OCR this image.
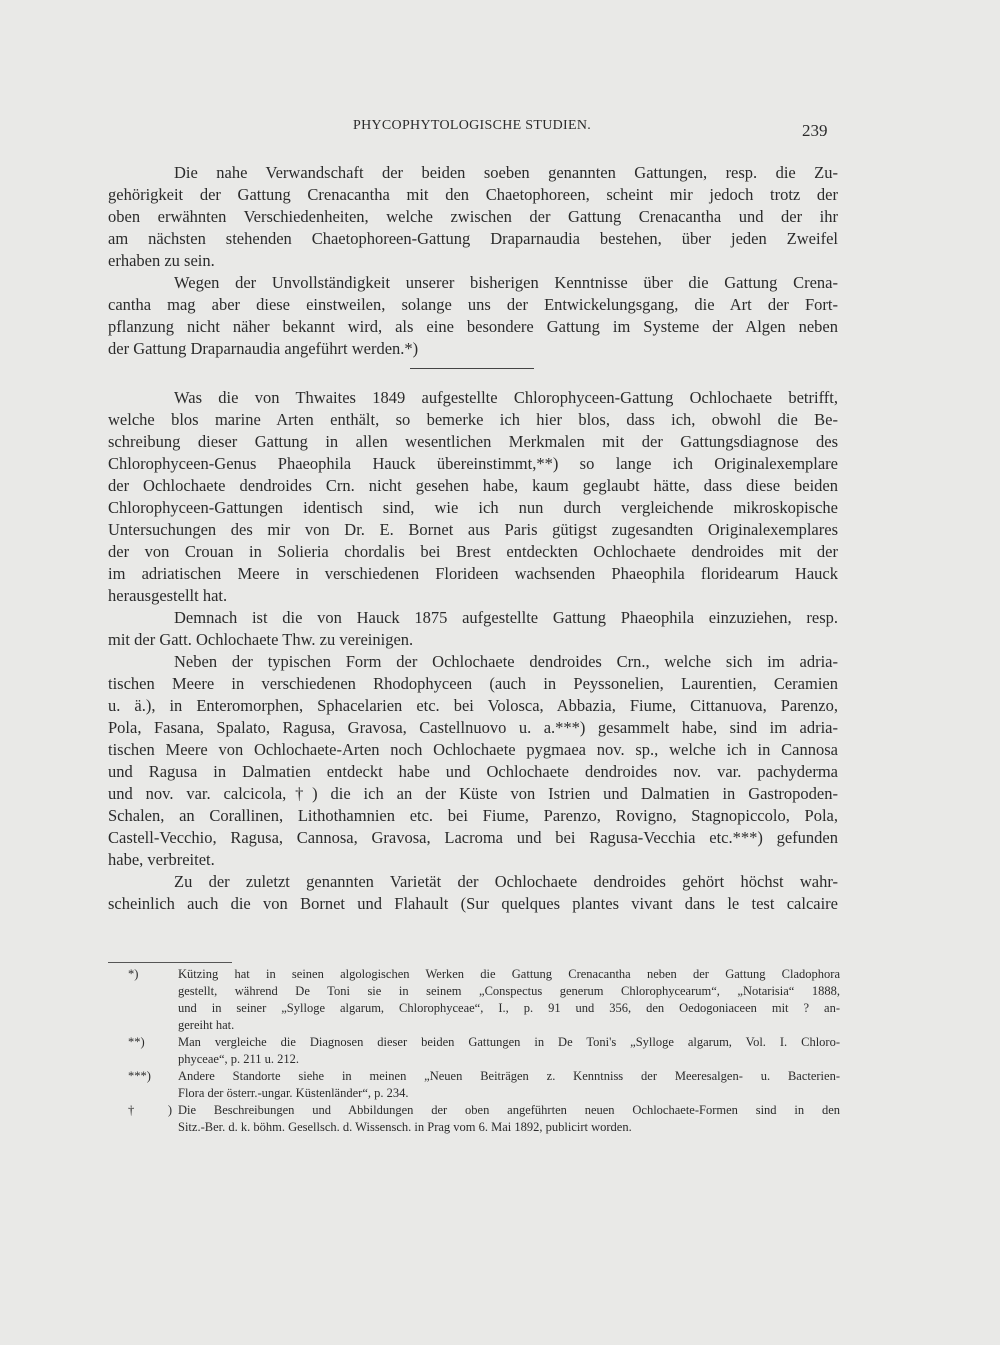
PHYCOPHYTOLOGISCHE STUDIEN.	239
Die nahe Verwandschaft der beiden soeben genannten Gattungen, resp. die Zu-
gehörigkeit der Gattung Crenacantha mit den Chaetophoreen, scheint mir jedoch trotz der
oben erwähnten Verschiedenheiten, welche zwischen der Gattung Crenacantha und der ihr
am nächsten stehenden Chaetophoreen-Gattung Draparnaudia bestehen, über jeden Zweifel
erhaben zu sein.
Wegen der Unvollständigkeit unserer bisherigen Kenntnisse über die Gattung Crena-
cantha mag aber diese einstweilen, solange uns der Entwickelungsgang, die Art der Fort-
pflanzung nicht näher bekannt wird, als eine besondere Gattung im Systeme der Algen neben
der Gattung Draparnaudia angeführt werden.*)
Was die von Thwaites 1849 aufgestellte Chlorophyceen-Gattung Ochlochaete betrifft,
welche blos marine Arten enthält, so bemerke ich hier blos, dass ich, obwohl die Be-
schreibung dieser Gattung in allen wesentlichen Merkmalen mit der Gattungsdiagnose des
Chlorophyceen-Genus Phaeophila Hauck übereinstimmt,**) so lange ich Originalexemplare
der Ochlochaete dendroides Crn. nicht gesehen habe, kaum geglaubt hätte, dass diese beiden
Chlorophyceen-Gattungen identisch sind, wie ich nun durch vergleichende mikroskopische
Untersuchungen des mir von Dr. E. Bornet aus Paris gütigst zugesandten Originalexemplares
der von Crouan in Solieria chordalis bei Brest entdeckten Ochlochaete dendroides mit der
im adriatischen Meere in verschiedenen Florideen wachsenden Phaeophila floridearum Hauck
herausgestellt hat.
Demnach ist die von Hauck 1875 aufgestellte Gattung Phaeophila einzuziehen, resp.
mit der Gatt. Ochlochaete Thw. zu vereinigen.
Neben der typischen Form der Ochlochaete dendroides Crn., welche sich im adria-
tischen Meere in verschiedenen Rhodophyceen (auch in Peyssonelien, Laurentien, Ceramien
u. ä.), in Enteromorphen, Sphacelarien etc. bei Volosca, Abbazia, Fiume, Cittanuova, Parenzo,
Pola, Fasana, Spalato, Ragusa, Gravosa, Castellnuovo u. a.***) gesammelt habe, sind im adria-
tischen Meere von Ochlochaete-Arten noch Ochlochaete pygmaea nov. sp., welche ich in Cannosa
und Ragusa in Dalmatien entdeckt habe und Ochlochaete dendroides nov. var. pachyderma
und nov. var. calcicola,†) die ich an der Küste von Istrien und Dalmatien in Gastropoden-
Schalen, an Corallinen, Lithothamnien etc. bei Fiume, Parenzo, Rovigno, Stagnopiccolo, Pola,
Castell-Vecchio, Ragusa, Cannosa, Gravosa, Lacroma und bei Ragusa-Vecchia etc.***) gefunden
habe, verbreitet.
Zu der zuletzt genannten Varietät der Ochlochaete dendroides gehört höchst wahr-
scheinlich auch die von Bornet und Flahault (Sur quelques plantes vivant dans le test calcaire
*)	Kützing hat in seinen algologischen Werken die Gattung Crenacantha neben der Gattung Cladophora
gestellt, während De Toni sie in seinem „Conspectus generum Chlorophycearum“, „Notarisia“ 1888,
und in seiner „Sylloge algarum, Chlorophyceae“, I., p. 91 und 356, den Oedogoniaceen mit ? an-
gereiht hat.
**)	Man vergleiche die Diagnosen dieser beiden Gattungen in De Toni's „Sylloge algarum, Vol. I. Chloro-
phyceae“, p. 211 u. 212.
***) Andere Standorte siehe in meinen „Neuen Beiträgen z. Kenntniss der Meeresalgen- u. Bacterien-
Flora der österr.-ungar. Küstenländer“, p. 234.
†) Die Beschreibungen und Abbildungen der oben angeführten neuen Ochlochaete-Formen sind in den
Sitz.-Ber. d. k. böhm. Gesellsch. d. Wissensch. in Prag vom 6. Mai 1892, publicirt worden.
